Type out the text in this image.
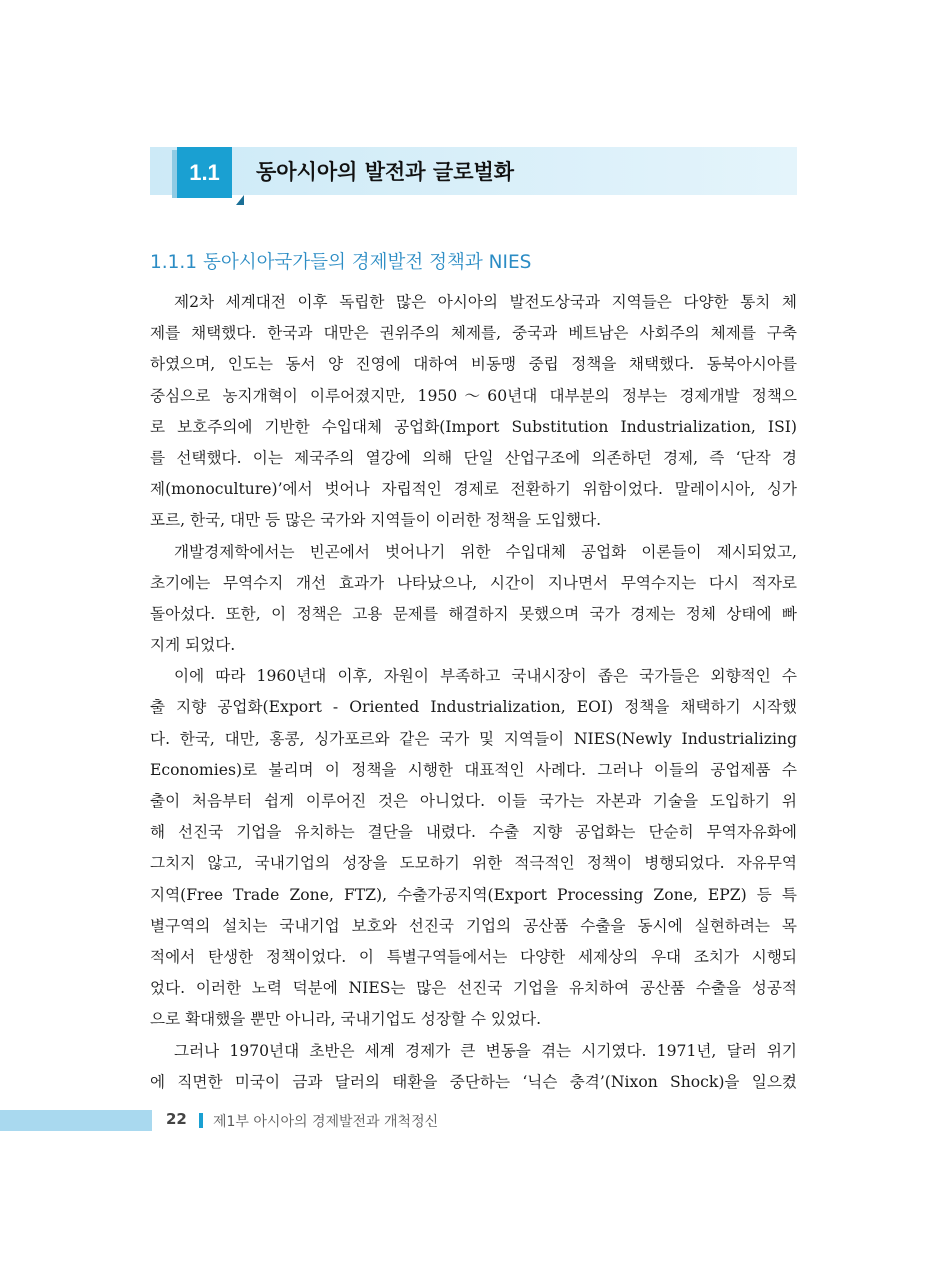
1.1	동아시아의 발전과 글로벌화
1.1.1 동아시아국가들의 경제발전 정책과 NIES
제2차 세계대전 이후 독립한 많은 아시아의 발전도상국과 지역들은 다양한 통치 체
제를 채택했다. 한국과 대만은 권위주의 체제를, 중국과 베트남은 사회주의 체제를 구축
하였으며, 인도는 동서 양 진영에 대하여 비동맹 중립 정책을 채택했다. 동북아시아를
중심으로 농지개혁이 이루어졌지만, 1950～60년대 대부분의 정부는 경제개발 정책으
로 보호주의에 기반한 수입대체 공업화(Import Substitution Industrialization, ISI)
를 선택했다. 이는 제국주의 열강에 의해 단일 산업구조에 의존하던 경제, 즉 ‘단작 경
제(monoculture)’에서 벗어나 자립적인 경제로 전환하기 위함이었다. 말레이시아, 싱가
포르, 한국, 대만 등 많은 국가와 지역들이 이러한 정책을 도입했다.
개발경제학에서는 빈곤에서 벗어나기 위한 수입대체 공업화 이론들이 제시되었고,
초기에는 무역수지 개선 효과가 나타났으나, 시간이 지나면서 무역수지는 다시 적자로
돌아섰다. 또한, 이 정책은 고용 문제를 해결하지 못했으며 국가 경제는 정체 상태에 빠
지게 되었다.
이에 따라 1960년대 이후, 자원이 부족하고 국내시장이 좁은 국가들은 외향적인 수
출 지향 공업화(Export - Oriented Industrialization, EOI) 정책을 채택하기 시작했
다. 한국, 대만, 홍콩, 싱가포르와 같은 국가 및 지역들이 NIES(Newly Industrializing
Economies)로 불리며 이 정책을 시행한 대표적인 사례다. 그러나 이들의 공업제품 수
출이 처음부터 쉽게 이루어진 것은 아니었다. 이들 국가는 자본과 기술을 도입하기 위
해 선진국 기업을 유치하는 결단을 내렸다. 수출 지향 공업화는 단순히 무역자유화에
그치지 않고, 국내기업의 성장을 도모하기 위한 적극적인 정책이 병행되었다. 자유무역
지역(Free Trade Zone, FTZ), 수출가공지역(Export Processing Zone, EPZ) 등 특
별구역의 설치는 국내기업 보호와 선진국 기업의 공산품 수출을 동시에 실현하려는 목
적에서 탄생한 정책이었다. 이 특별구역들에서는 다양한 세제상의 우대 조치가 시행되
었다. 이러한 노력 덕분에 NIES는 많은 선진국 기업을 유치하여 공산품 수출을 성공적
으로 확대했을 뿐만 아니라, 국내기업도 성장할 수 있었다.
그러나 1970년대 초반은 세계 경제가 큰 변동을 겪는 시기였다. 1971년, 달러 위기
에 직면한 미국이 금과 달러의 태환을 중단하는 ‘닉슨 충격’(Nixon Shock)을 일으켰
22 제1부 아시아의 경제발전과 개척정신
